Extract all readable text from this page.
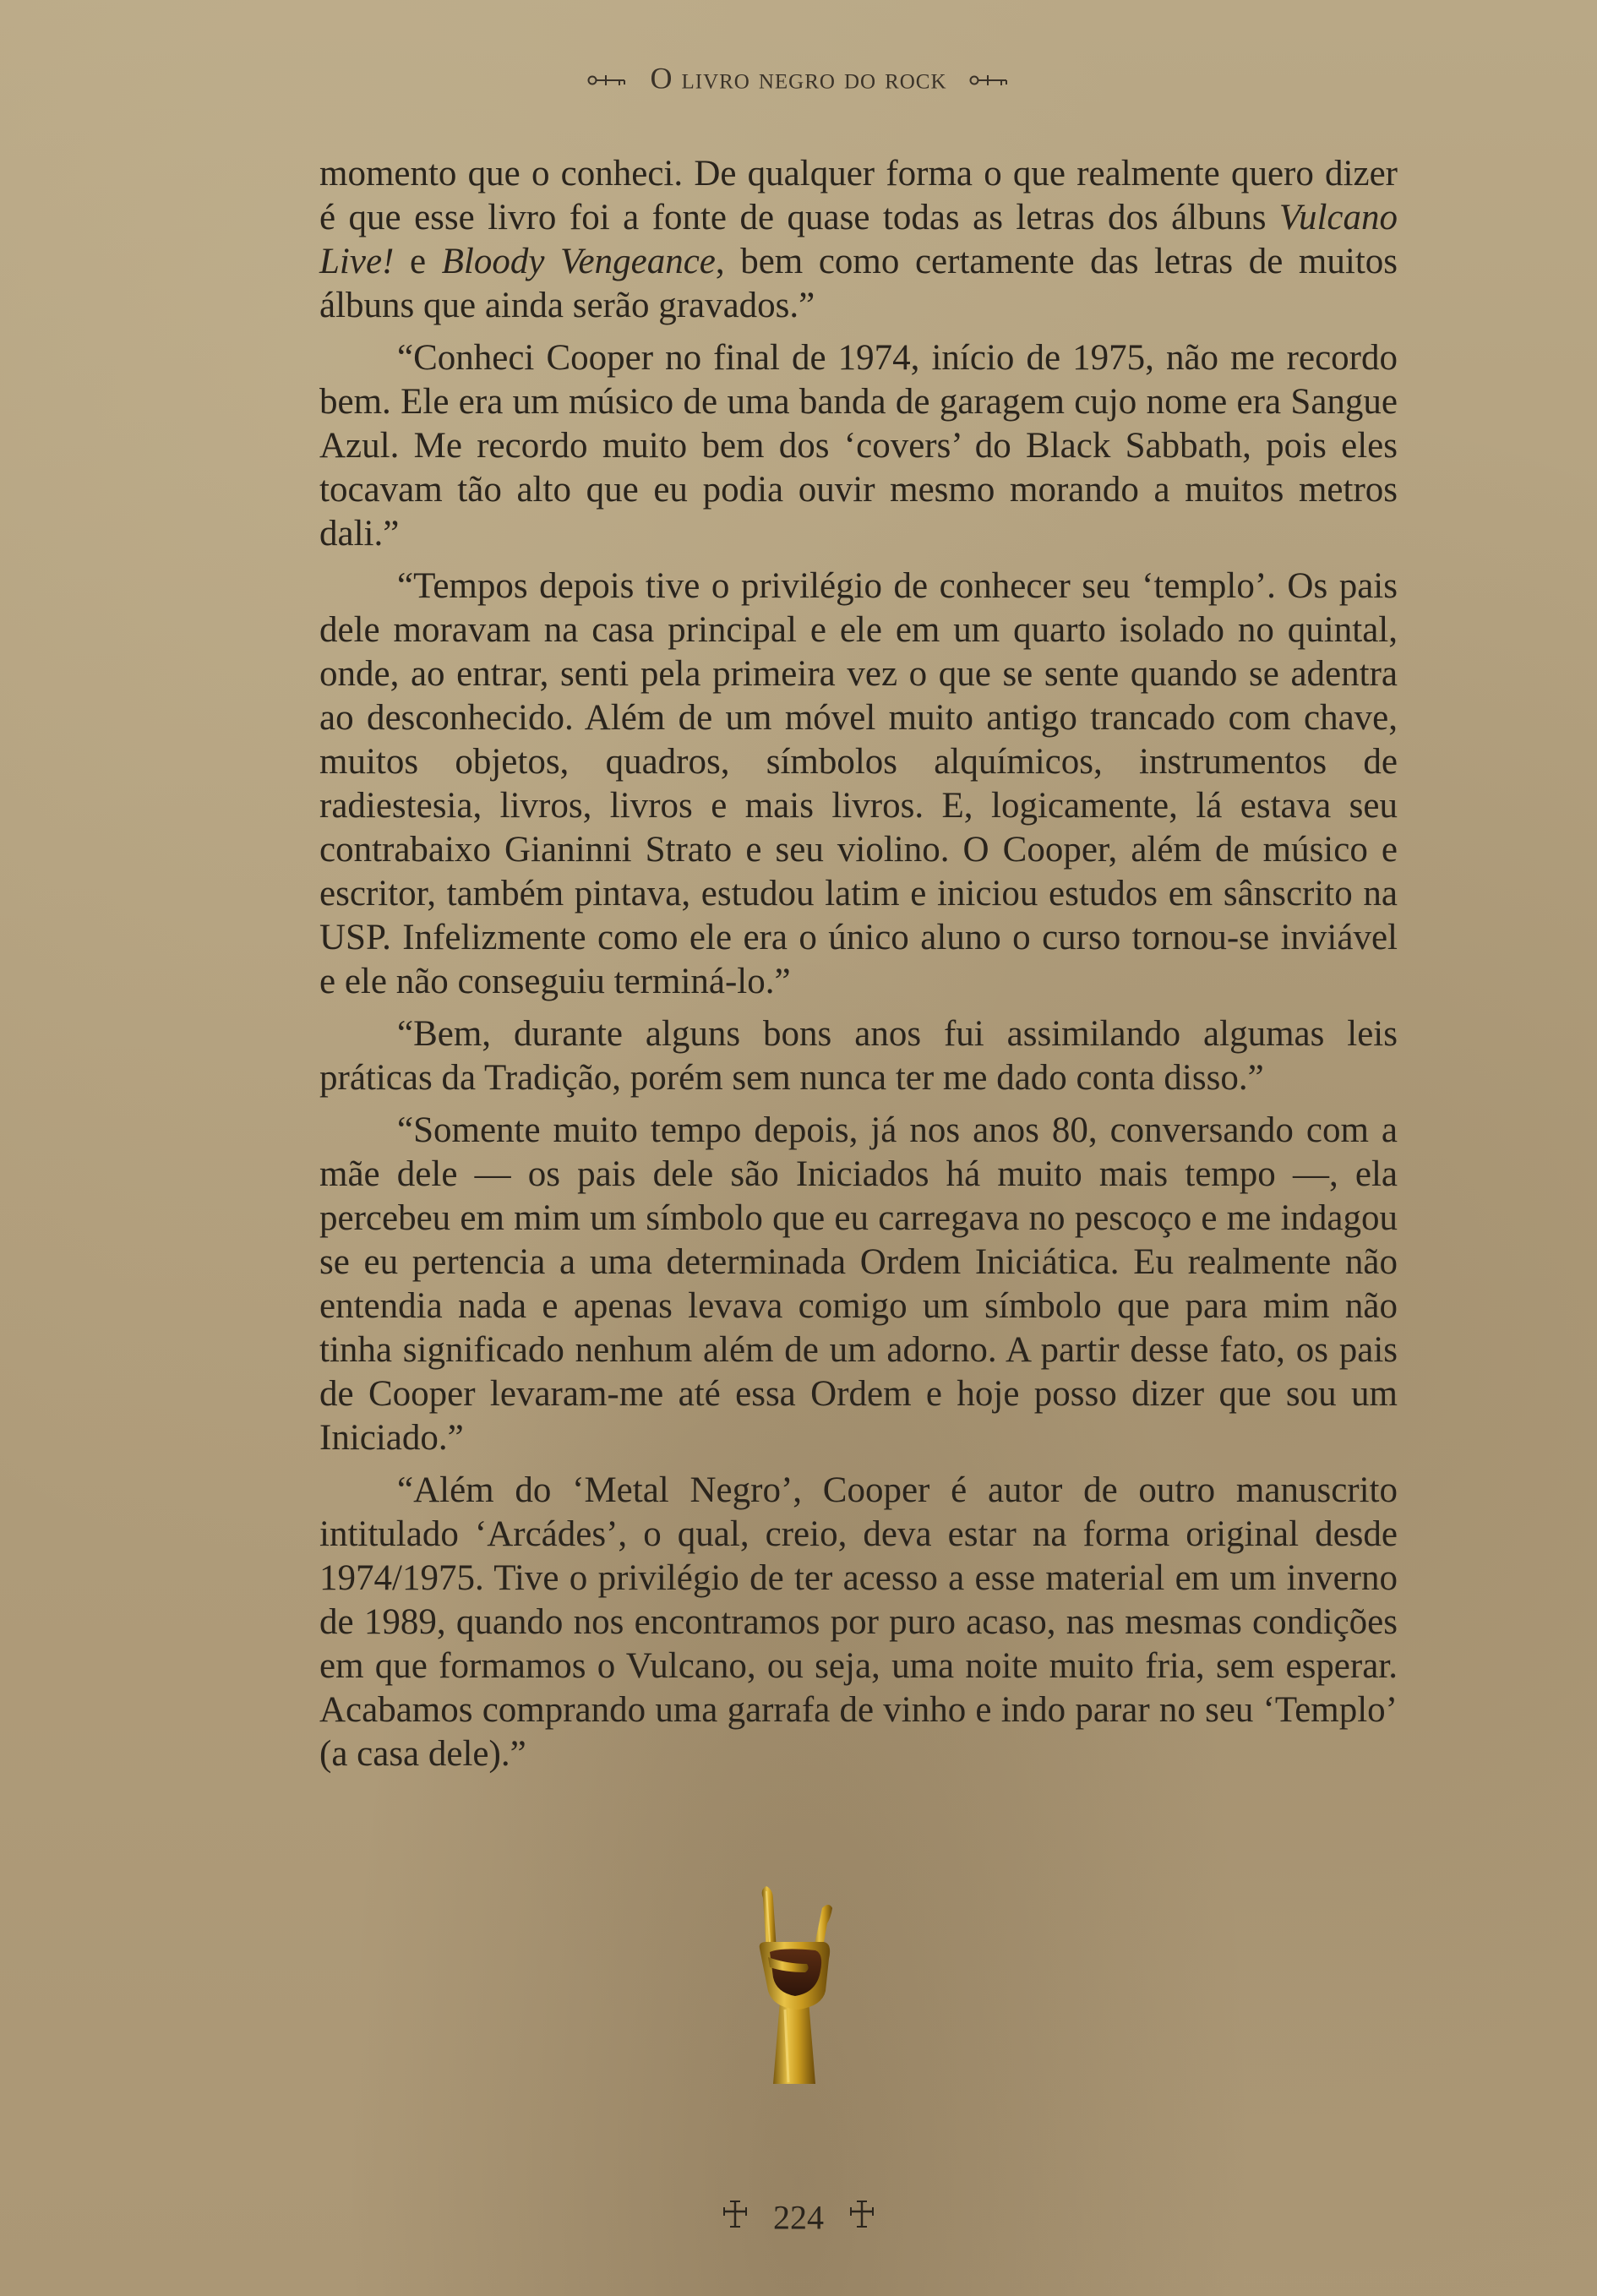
O livro negro do rock

momento que o conheci. De qualquer forma o que realmente quero dizer é que esse livro foi a fonte de quase todas as letras dos álbuns Vulcano Live! e Bloody Vengeance, bem como certamente das letras de muitos álbuns que ainda serão gravados.”

“Conheci Cooper no final de 1974, início de 1975, não me recordo bem. Ele era um músico de uma banda de garagem cujo nome era Sangue Azul. Me recordo muito bem dos ‘covers’ do Black Sabbath, pois eles tocavam tão alto que eu podia ouvir mesmo morando a muitos metros dali.”

“Tempos depois tive o privilégio de conhecer seu ‘templo’. Os pais dele moravam na casa principal e ele em um quarto isolado no quintal, onde, ao entrar, senti pela primeira vez o que se sente quando se adentra ao desconhecido. Além de um móvel muito antigo trancado com chave, muitos objetos, quadros, símbolos alquímicos, instrumentos de radiestesia, livros, livros e mais livros. E, logicamente, lá estava seu contrabaixo Gianinni Strato e seu violino. O Cooper, além de músico e escritor, também pintava, estudou latim e iniciou estudos em sânscrito na USP. Infelizmente como ele era o único aluno o curso tornou-se inviável e ele não conseguiu terminá-lo.”

“Bem, durante alguns bons anos fui assimilando algumas leis práticas da Tradição, porém sem nunca ter me dado conta disso.”

“Somente muito tempo depois, já nos anos 80, conversando com a mãe dele — os pais dele são Iniciados há muito mais tempo —, ela percebeu em mim um símbolo que eu carregava no pescoço e me indagou se eu pertencia a uma determinada Ordem Iniciática. Eu realmente não entendia nada e apenas levava comigo um símbolo que para mim não tinha significado nenhum além de um adorno. A partir desse fato, os pais de Cooper levaram-me até essa Ordem e hoje posso dizer que sou um Iniciado.”

“Além do ‘Metal Negro’, Cooper é autor de outro manuscrito intitulado ‘Arcádes’, o qual, creio, deva estar na forma original desde 1974/1975. Tive o privilégio de ter acesso a esse material em um inverno de 1989, quando nos encontramos por puro acaso, nas mesmas condições em que formamos o Vulcano, ou seja, uma noite muito fria, sem esperar. Acabamos comprando uma garrafa de vinho e indo parar no seu ‘Templo’ (a casa dele).”

224
